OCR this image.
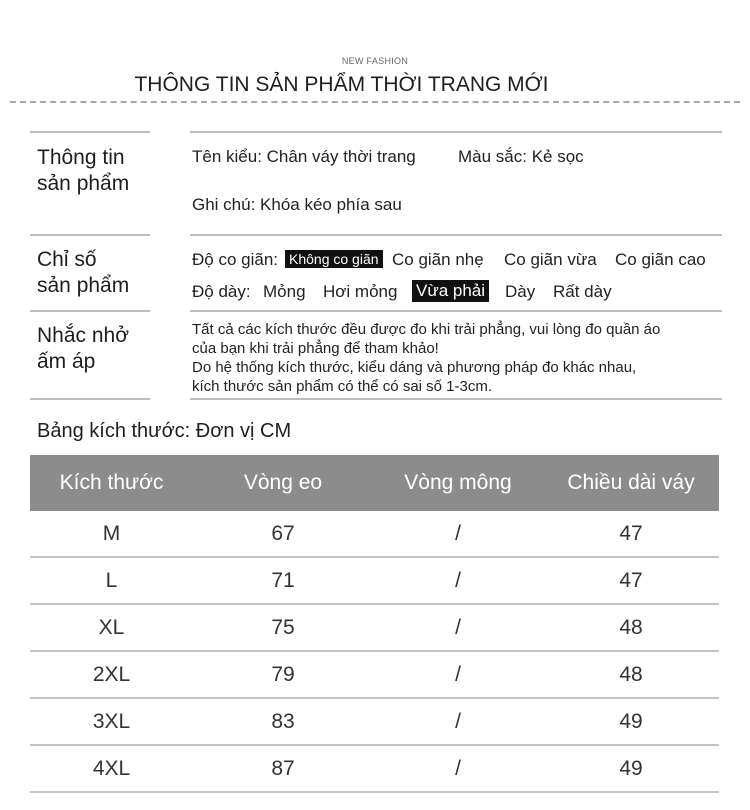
NEW FASHION
THÔNG TIN SẢN PHẨM THỜI TRANG MỚI
Thông tin
sản phẩm
Tên kiểu: Chân váy thời trang Màu sắc: Kẻ sọc
Ghi chú: Khóa kéo phía sau
Chỉ số
sản phẩm
Độ co giãn: Không co giãn Co giãn nhẹ Co giãn vừa Co giãn cao
Độ dày: Mỏng Hơi mỏng Vừa phải Dày Rất dày
Nhắc nhở
ấm áp
Tất cả các kích thước đều được đo khi trải phẳng, vui lòng đo quần áo
của bạn khi trải phẳng để tham khảo!
Do hệ thống kích thước, kiểu dáng và phương pháp đo khác nhau,
kích thước sản phẩm có thể có sai số 1-3cm.
Bảng kích thước: Đơn vị CM
Kích thước	Vòng eo	Vòng mông	Chiều dài váy
M	67	/	47
L	71	/	47
XL	75	/	48
2XL	79	/	48
3XL	83	/	49
4XL	87	/	49
